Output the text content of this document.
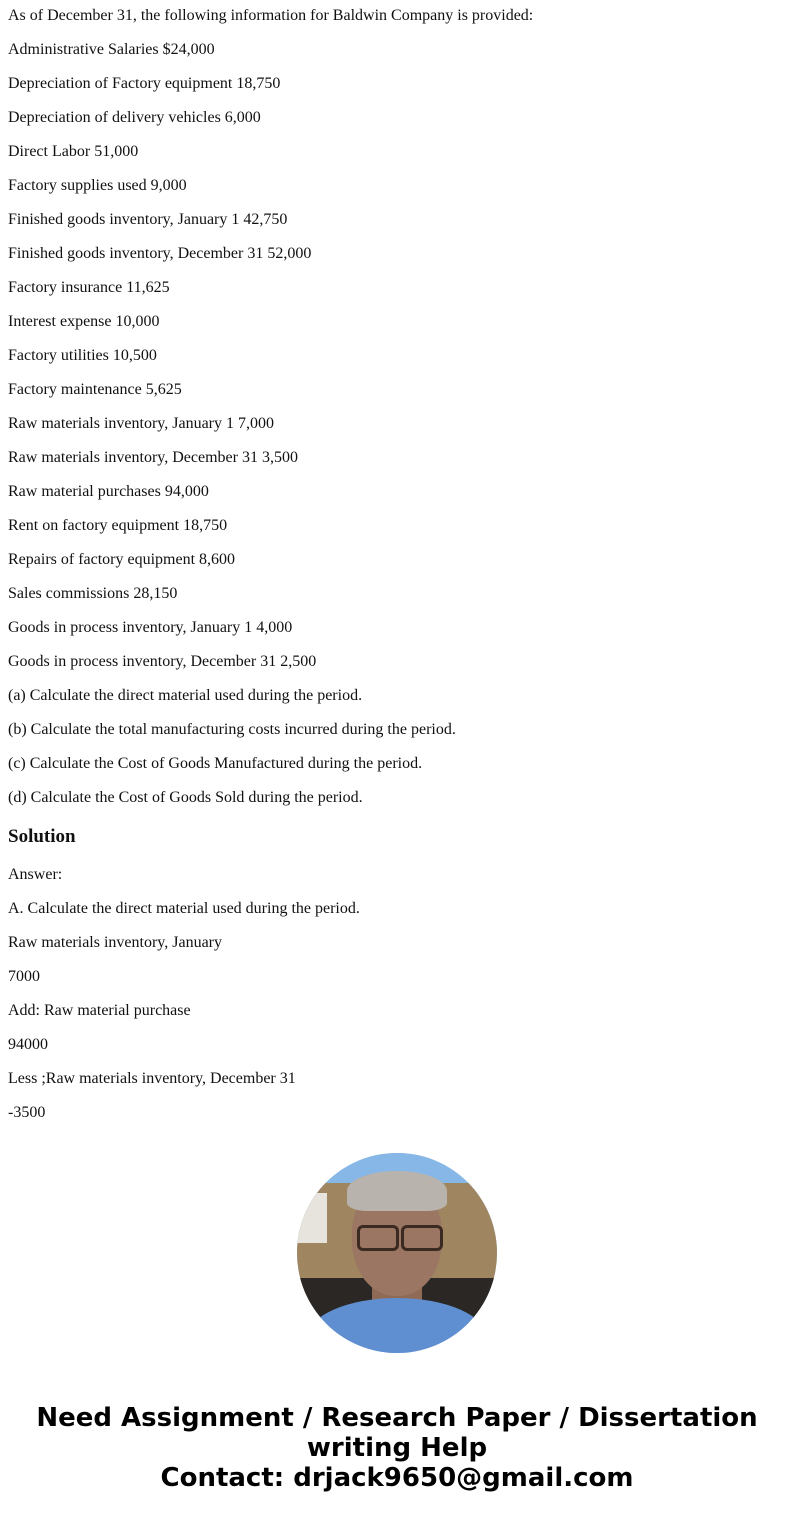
As of December 31, the following information for Baldwin Company is provided:
Administrative Salaries $24,000
Depreciation of Factory equipment 18,750
Depreciation of delivery vehicles 6,000
Direct Labor 51,000
Factory supplies used 9,000
Finished goods inventory, January 1 42,750
Finished goods inventory, December 31 52,000
Factory insurance 11,625
Interest expense 10,000
Factory utilities 10,500
Factory maintenance 5,625
Raw materials inventory, January 1 7,000
Raw materials inventory, December 31 3,500
Raw material purchases 94,000
Rent on factory equipment 18,750
Repairs of factory equipment 8,600
Sales commissions 28,150
Goods in process inventory, January 1 4,000
Goods in process inventory, December 31 2,500
(a) Calculate the direct material used during the period.
(b) Calculate the total manufacturing costs incurred during the period.
(c) Calculate the Cost of Goods Manufactured during the period.
(d) Calculate the Cost of Goods Sold during the period.
Solution
Answer:
A. Calculate the direct material used during the period.
Raw materials inventory, January
7000
Add: Raw material purchase
94000
Less ;Raw materials inventory, December 31
-3500
Need Assignment / Research Paper / Dissertation
writing Help
Contact: drjack9650@gmail.com
